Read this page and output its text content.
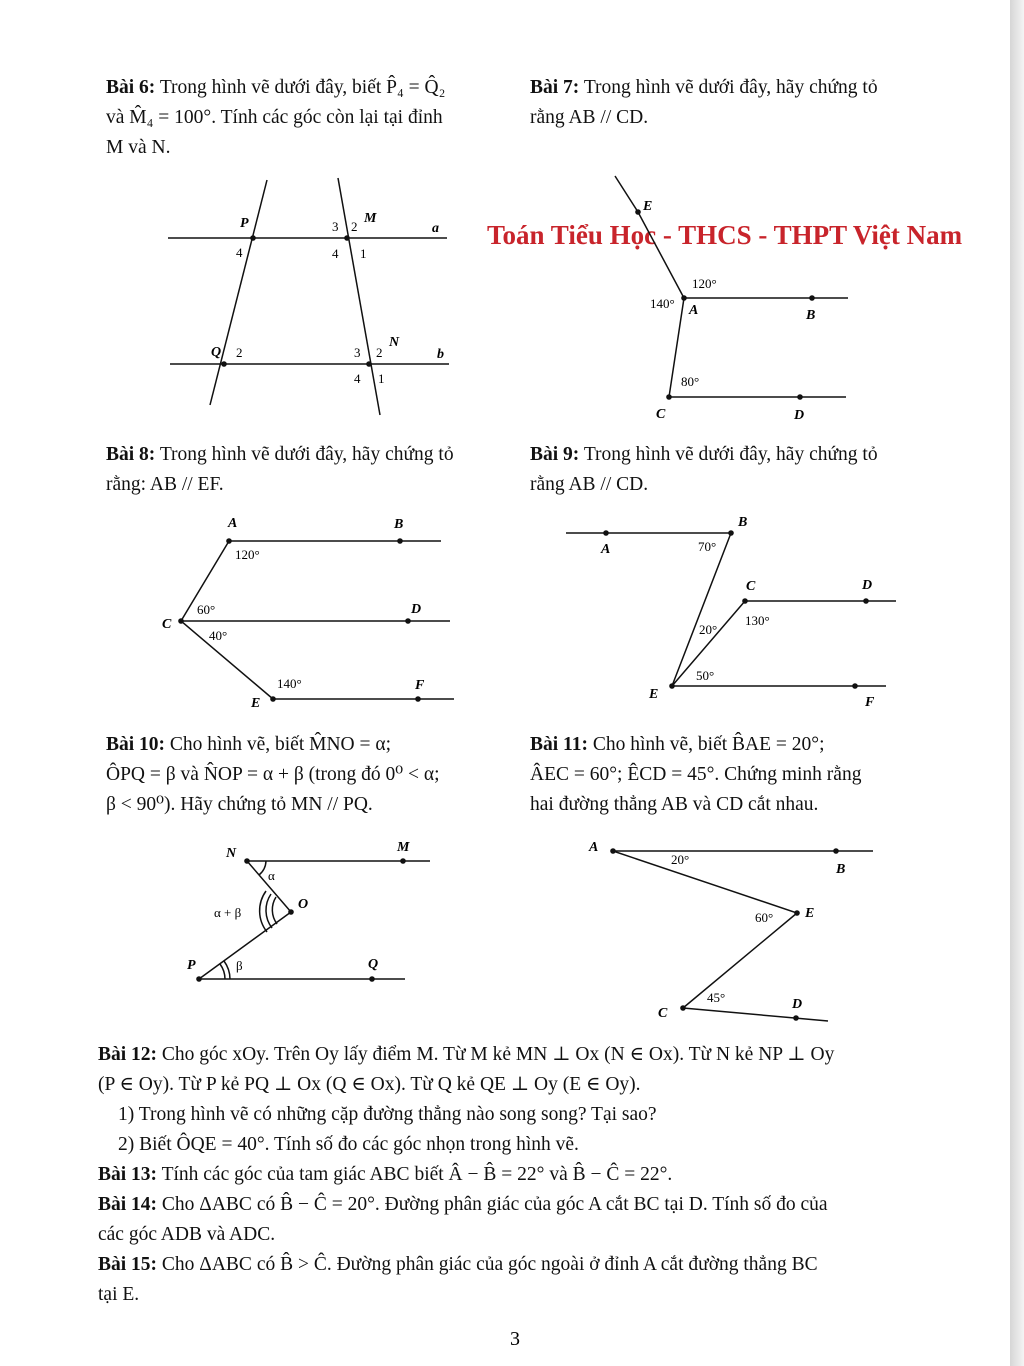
Bài 6: Trong hình vẽ dưới đây, biết P̂₄ = Q̂₂
và M̂₄ = 100°. Tính các góc còn lại tại đỉnh
M và N.

Bài 7: Trong hình vẽ dưới đây, hãy chứng tỏ
rằng AB // CD.

Toán Tiểu Học - THCS - THPT Việt Nam
P
Q
M
N
a
b
4
3 2
4 1
2	3 2
4 1
E
A	B
C	D
120°
140°
80°

Bài 8: Trong hình vẽ dưới đây, hãy chứng tỏ
rằng: AB // EF.

Bài 9: Trong hình vẽ dưới đây, hãy chứng tỏ
rằng AB // CD.

A	B
C
D
E
F
120°
60°
40°
140°
A
B
C	D
E
F
70°
130°
20°
50°

Bài 10: Cho hình vẽ, biết M̂NO = α;
ÔPQ = β và N̂OP = α + β (trong đó 0⁰ < α;
β < 90⁰). Hãy chứng tỏ MN // PQ.

Bài 11: Cho hình vẽ, biết B̂AE = 20°;
ÂEC = 60°; ÊCD = 45°. Chứng minh rằng
hai đường thẳng AB và CD cắt nhau.

N	M
O
P	Q
α
β
α + β
A
B
E
C
D
20°
60°
45°

Bài 12: Cho góc xOy. Trên Oy lấy điểm M. Từ M kẻ MN ⊥ Ox (N ∈ Ox). Từ N kẻ NP ⊥ Oy
(P ∈ Oy). Từ P kẻ PQ ⊥ Ox (Q ∈ Ox). Từ Q kẻ QE ⊥ Oy (E ∈ Oy).
1) Trong hình vẽ có những cặp đường thẳng nào song song? Tại sao?
2) Biết ÔQE = 40°. Tính số đo các góc nhọn trong hình vẽ.
Bài 13: Tính các góc của tam giác ABC biết Â − B̂ = 22° và B̂ − Ĉ = 22°.
Bài 14: Cho ΔABC có B̂ − Ĉ = 20°. Đường phân giác của góc A cắt BC tại D. Tính số đo của
các góc ADB và ADC.
Bài 15: Cho ΔABC có B̂ > Ĉ. Đường phân giác của góc ngoài ở đỉnh A cắt đường thẳng BC
tại E.

3
